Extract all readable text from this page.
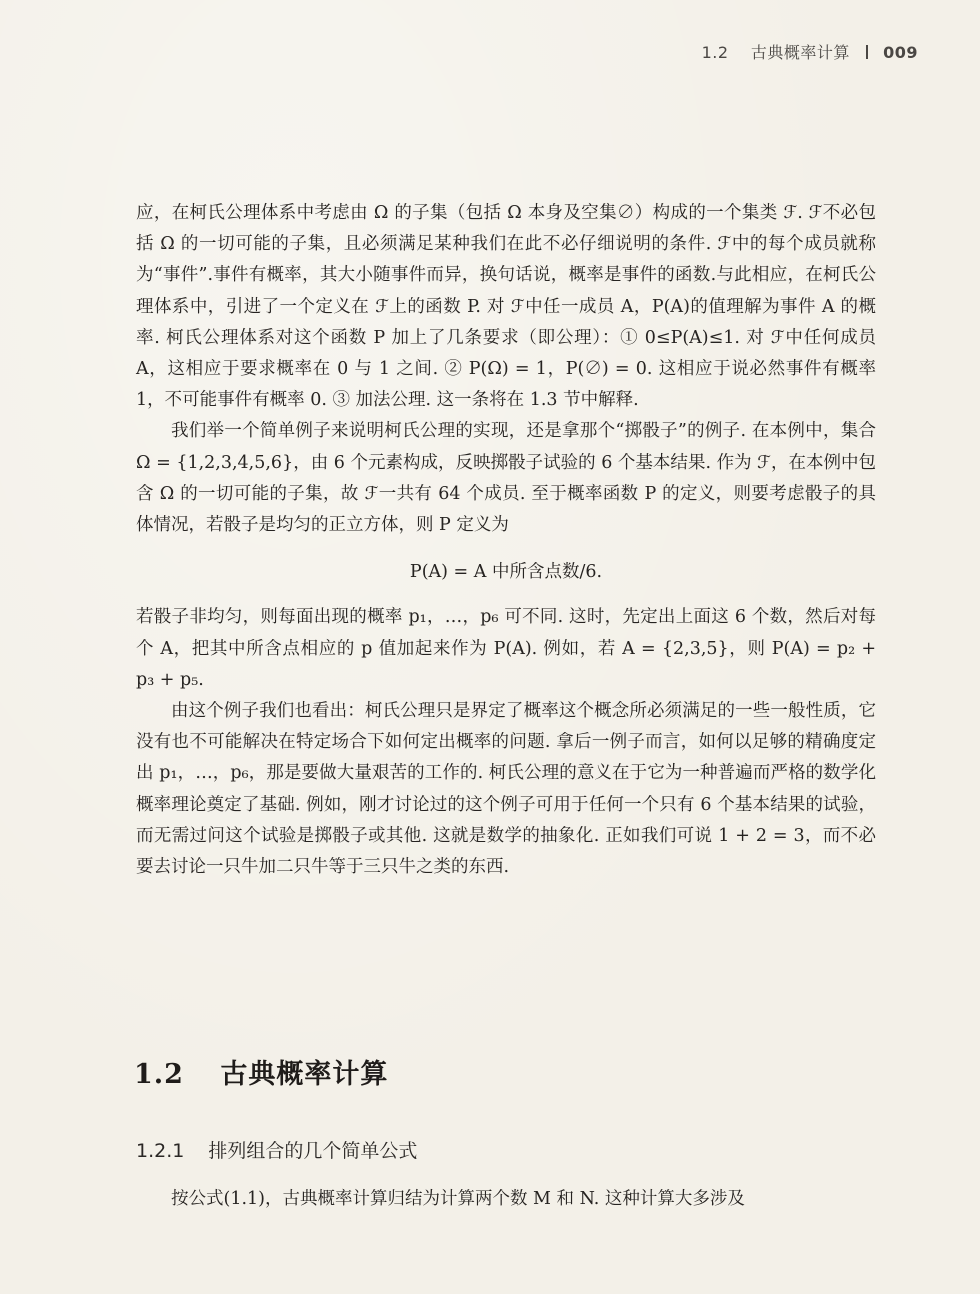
1.2 古典概率计算 009

应，在柯氏公理体系中考虑由 Ω 的子集（包括 Ω 本身及空集∅）构成的一个集类 ℱ. ℱ不必包括 Ω 的一切可能的子集，且必须满足某种我们在此不必仔细说明的条件. ℱ中的每个成员就称为“事件”.事件有概率，其大小随事件而异，换句话说，概率是事件的函数.与此相应，在柯氏公理体系中，引进了一个定义在 ℱ上的函数 P. 对 ℱ中任一成员 A，P(A)的值理解为事件 A 的概率. 柯氏公理体系对这个函数 P 加上了几条要求（即公理）：① 0≤P(A)≤1. 对 ℱ中任何成员 A，这相应于要求概率在 0 与 1 之间. ② P(Ω) = 1，P(∅) = 0. 这相应于说必然事件有概率 1，不可能事件有概率 0. ③ 加法公理. 这一条将在 1.3 节中解释.

我们举一个简单例子来说明柯氏公理的实现，还是拿那个“掷骰子”的例子. 在本例中，集合 Ω = {1,2,3,4,5,6}，由 6 个元素构成，反映掷骰子试验的 6 个基本结果. 作为 ℱ，在本例中包含 Ω 的一切可能的子集，故 ℱ一共有 64 个成员. 至于概率函数 P 的定义，则要考虑骰子的具体情况，若骰子是均匀的正立方体，则 P 定义为

P(A) = A 中所含点数/6.

若骰子非均匀，则每面出现的概率 p₁，…，p₆ 可不同. 这时，先定出上面这 6 个数，然后对每个 A，把其中所含点相应的 p 值加起来作为 P(A). 例如，若 A = {2,3,5}，则 P(A) = p₂ + p₃ + p₅.

由这个例子我们也看出：柯氏公理只是界定了概率这个概念所必须满足的一些一般性质，它没有也不可能解决在特定场合下如何定出概率的问题. 拿后一例子而言，如何以足够的精确度定出 p₁，…，p₆，那是要做大量艰苦的工作的. 柯氏公理的意义在于它为一种普遍而严格的数学化概率理论奠定了基础. 例如，刚才讨论过的这个例子可用于任何一个只有 6 个基本结果的试验，而无需过问这个试验是掷骰子或其他. 这就是数学的抽象化. 正如我们可说 1 + 2 = 3，而不必要去讨论一只牛加二只牛等于三只牛之类的东西.

1.2 古典概率计算
1.2.1 排列组合的几个简单公式

按公式(1.1)，古典概率计算归结为计算两个数 M 和 N. 这种计算大多涉及
